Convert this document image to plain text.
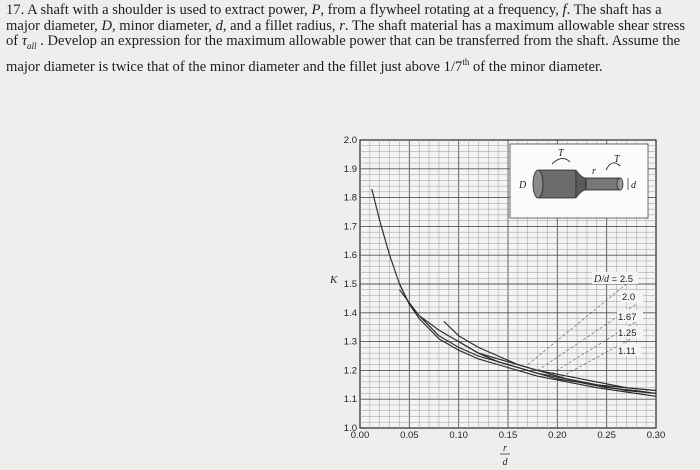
17. A shaft with a shoulder is used to extract power, P, from a flywheel rotating at a frequency, f. The shaft has a major diameter, D, minor diameter, d, and a fillet radius, r. The shaft material has a maximum allowable shear stress of $\tau_{all}$ . Develop an expression for the maximum allowable power that can be transferred from the shaft. Assume the major diameter is twice that of the minor diameter and the fillet just above 1/7th of the minor diameter.

1.0
1.1
1.2
1.3
1.4
1.5
1.6
1.7
1.8
1.9
2.0
0.00	0.05	0.10	0.15	0.20	0.25	0.30
T
T
D	d
r
D/d = 2.5
2.0
1.67
1.25
1.11
K
r
d
